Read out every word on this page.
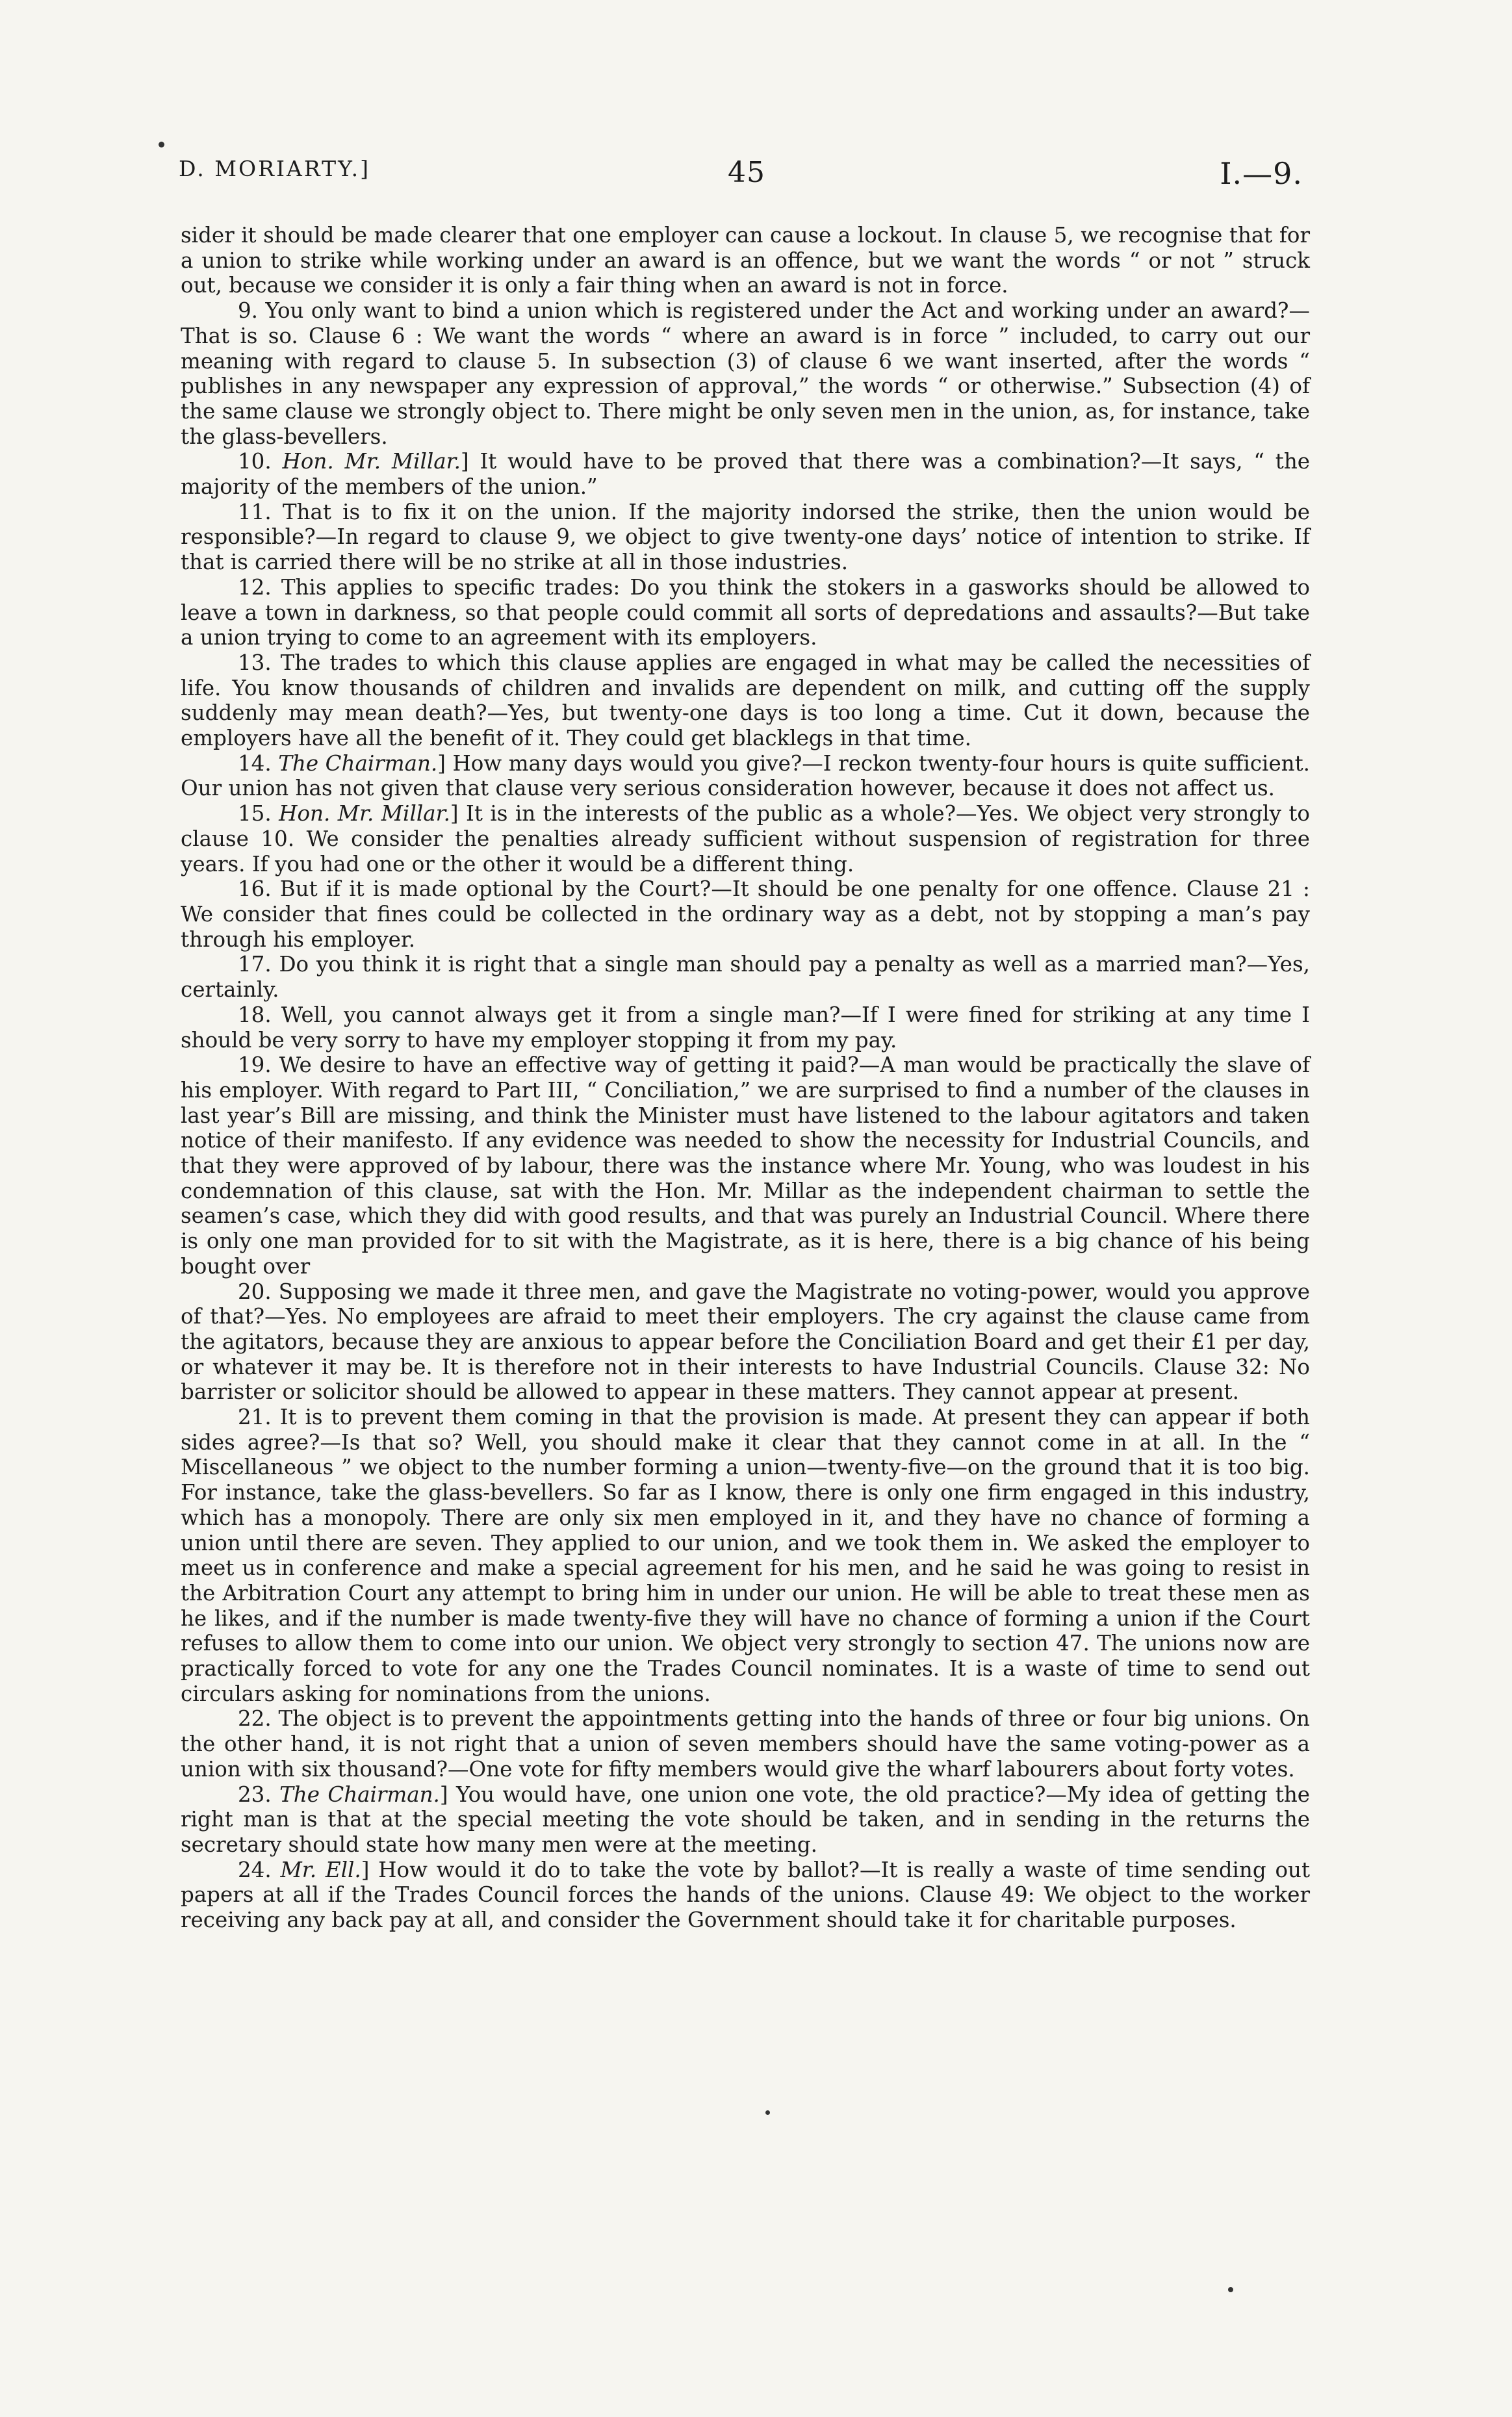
D. MORIARTY.]	45	I.—9.

sider it should be made clearer that one employer can cause a lockout. In clause 5, we recognise that for a union to strike while working under an award is an offence, but we want the words “ or not ” struck out, because we consider it is only a fair thing when an award is not in force.

9. You only want to bind a union which is registered under the Act and working under an award?—That is so. Clause 6 : We want the words “ where an award is in force ” included, to carry out our meaning with regard to clause 5. In subsection (3) of clause 6 we want inserted, after the words “ publishes in any newspaper any expression of approval,” the words “ or otherwise.” Subsection (4) of the same clause we strongly object to. There might be only seven men in the union, as, for instance, take the glass-bevellers.

10. Hon. Mr. Millar.] It would have to be proved that there was a combination?—It says, “ the majority of the members of the union.”

11. That is to fix it on the union. If the majority indorsed the strike, then the union would be responsible?—In regard to clause 9, we object to give twenty-one days’ notice of intention to strike. If that is carried there will be no strike at all in those industries.

12. This applies to specific trades: Do you think the stokers in a gasworks should be allowed to leave a town in darkness, so that people could commit all sorts of depredations and assaults?—But take a union trying to come to an agreement with its employers.

13. The trades to which this clause applies are engaged in what may be called the necessities of life. You know thousands of children and invalids are dependent on milk, and cutting off the supply suddenly may mean death?—Yes, but twenty-one days is too long a time. Cut it down, because the employers have all the benefit of it. They could get blacklegs in that time.

14. The Chairman.] How many days would you give?—I reckon twenty-four hours is quite sufficient. Our union has not given that clause very serious consideration however, because it does not affect us.

15. Hon. Mr. Millar.] It is in the interests of the public as a whole?—Yes. We object very strongly to clause 10. We consider the penalties already sufficient without suspension of registration for three years. If you had one or the other it would be a different thing.

16. But if it is made optional by the Court?—It should be one penalty for one offence. Clause 21 : We consider that fines could be collected in the ordinary way as a debt, not by stopping a man’s pay through his employer.

17. Do you think it is right that a single man should pay a penalty as well as a married man?—Yes, certainly.

18. Well, you cannot always get it from a single man?—If I were fined for striking at any time I should be very sorry to have my employer stopping it from my pay.

19. We desire to have an effective way of getting it paid?—A man would be practically the slave of his employer. With regard to Part III, “ Conciliation,” we are surprised to find a number of the clauses in last year’s Bill are missing, and think the Minister must have listened to the labour agitators and taken notice of their manifesto. If any evidence was needed to show the necessity for Industrial Councils, and that they were approved of by labour, there was the instance where Mr. Young, who was loudest in his condemnation of this clause, sat with the Hon. Mr. Millar as the independent chairman to settle the seamen’s case, which they did with good results, and that was purely an Industrial Council. Where there is only one man provided for to sit with the Magistrate, as it is here, there is a big chance of his being bought over

20. Supposing we made it three men, and gave the Magistrate no voting-power, would you approve of that?—Yes. No employees are afraid to meet their employers. The cry against the clause came from the agitators, because they are anxious to appear before the Conciliation Board and get their £1 per day, or whatever it may be. It is therefore not in their interests to have Industrial Councils. Clause 32: No barrister or solicitor should be allowed to appear in these matters. They cannot appear at present.

21. It is to prevent them coming in that the provision is made. At present they can appear if both sides agree?—Is that so? Well, you should make it clear that they cannot come in at all. In the “ Miscellaneous ” we object to the number forming a union—twenty-five—on the ground that it is too big. For instance, take the glass-bevellers. So far as I know, there is only one firm engaged in this industry, which has a monopoly. There are only six men employed in it, and they have no chance of forming a union until there are seven. They applied to our union, and we took them in. We asked the employer to meet us in conference and make a special agreement for his men, and he said he was going to resist in the Arbitration Court any attempt to bring him in under our union. He will be able to treat these men as he likes, and if the number is made twenty-five they will have no chance of forming a union if the Court refuses to allow them to come into our union. We object very strongly to section 47. The unions now are practically forced to vote for any one the Trades Council nominates. It is a waste of time to send out circulars asking for nominations from the unions.

22. The object is to prevent the appointments getting into the hands of three or four big unions. On the other hand, it is not right that a union of seven members should have the same voting-power as a union with six thousand?—One vote for fifty members would give the wharf labourers about forty votes.

23. The Chairman.] You would have, one union one vote, the old practice?—My idea of getting the right man is that at the special meeting the vote should be taken, and in sending in the returns the secretary should state how many men were at the meeting.

24. Mr. Ell.] How would it do to take the vote by ballot?—It is really a waste of time sending out papers at all if the Trades Council forces the hands of the unions. Clause 49: We object to the worker receiving any back pay at all, and consider the Government should take it for charitable purposes.
